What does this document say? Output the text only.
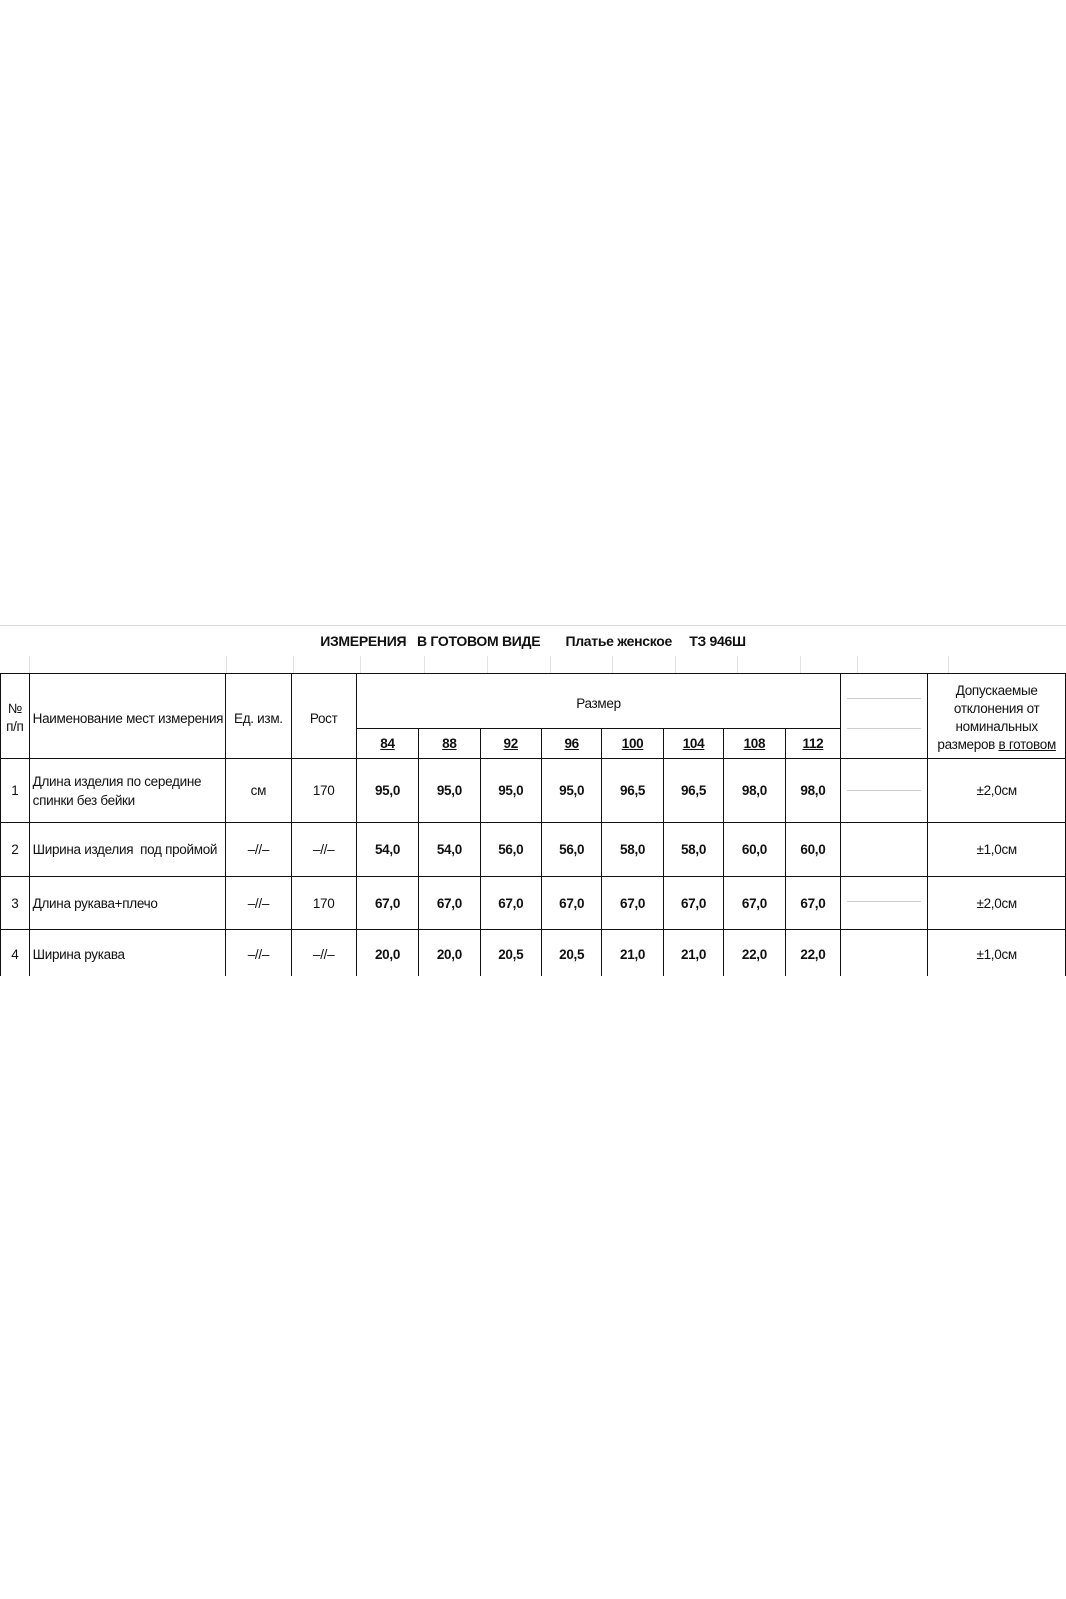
ИЗМЕРЕНИЯ   В ГОТОВОМ ВИДЕ Платье женское ТЗ 946Ш
№ п/п	Наименование мест измерения	Ед. изм.	Рост	Размер									Допускаемые отклонения от номинальных размеров в готовом
				84	88	92	96	100	104	108	112		
1	Длина изделия по середине спинки без бейки	см	170	95,0	95,0	95,0	95,0	96,5	96,5	98,0	98,0		±2,0см
2	Ширина изделия  под проймой	–//–	–//–	54,0	54,0	56,0	56,0	58,0	58,0	60,0	60,0		±1,0см
3	Длина рукава+плечо	–//–	170	67,0	67,0	67,0	67,0	67,0	67,0	67,0	67,0		±2,0см
4	Ширина рукава	–//–	–//–	20,0	20,0	20,5	20,5	21,0	21,0	22,0	22,0		±1,0см
